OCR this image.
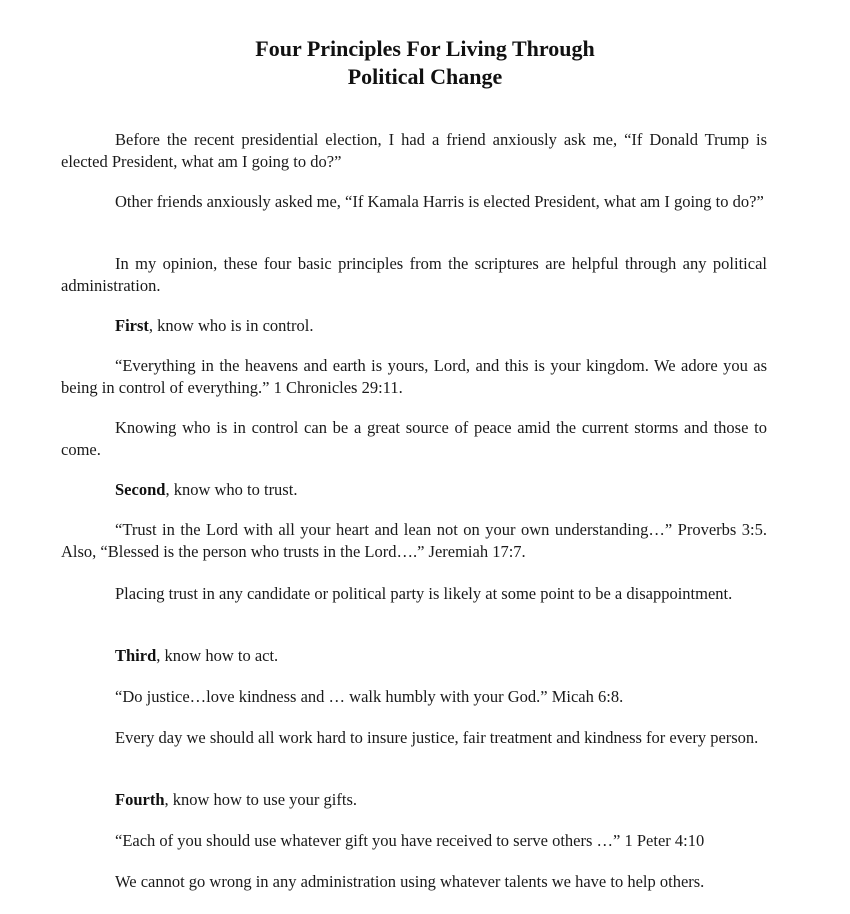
Four Principles For Living Through
Political Change

Before the recent presidential election, I had a friend anxiously ask me, “If Donald Trump is elected President, what am I going to do?”

Other friends anxiously asked me, “If Kamala Harris is elected President, what am I going to do?”

In my opinion, these four basic principles from the scriptures are helpful through any political administration.

First, know who is in control.

“Everything in the heavens and earth is yours, Lord, and this is your kingdom. We adore you as being in control of everything.” 1 Chronicles 29:11.

Knowing who is in control can be a great source of peace amid the current storms and those to come.

Second, know who to trust.

“Trust in the Lord with all your heart and lean not on your own understanding…” Proverbs 3:5. Also, “Blessed is the person who trusts in the Lord….” Jeremiah 17:7.

Placing trust in any candidate or political party is likely at some point to be a disappointment.

Third, know how to act.

“Do justice…love kindness and … walk humbly with your God.” Micah 6:8.

Every day we should all work hard to insure justice, fair treatment and kindness for every person.

Fourth, know how to use your gifts.

“Each of you should use whatever gift you have received to serve others …” 1 Peter 4:10

We cannot go wrong in any administration using whatever talents we have to help others.
